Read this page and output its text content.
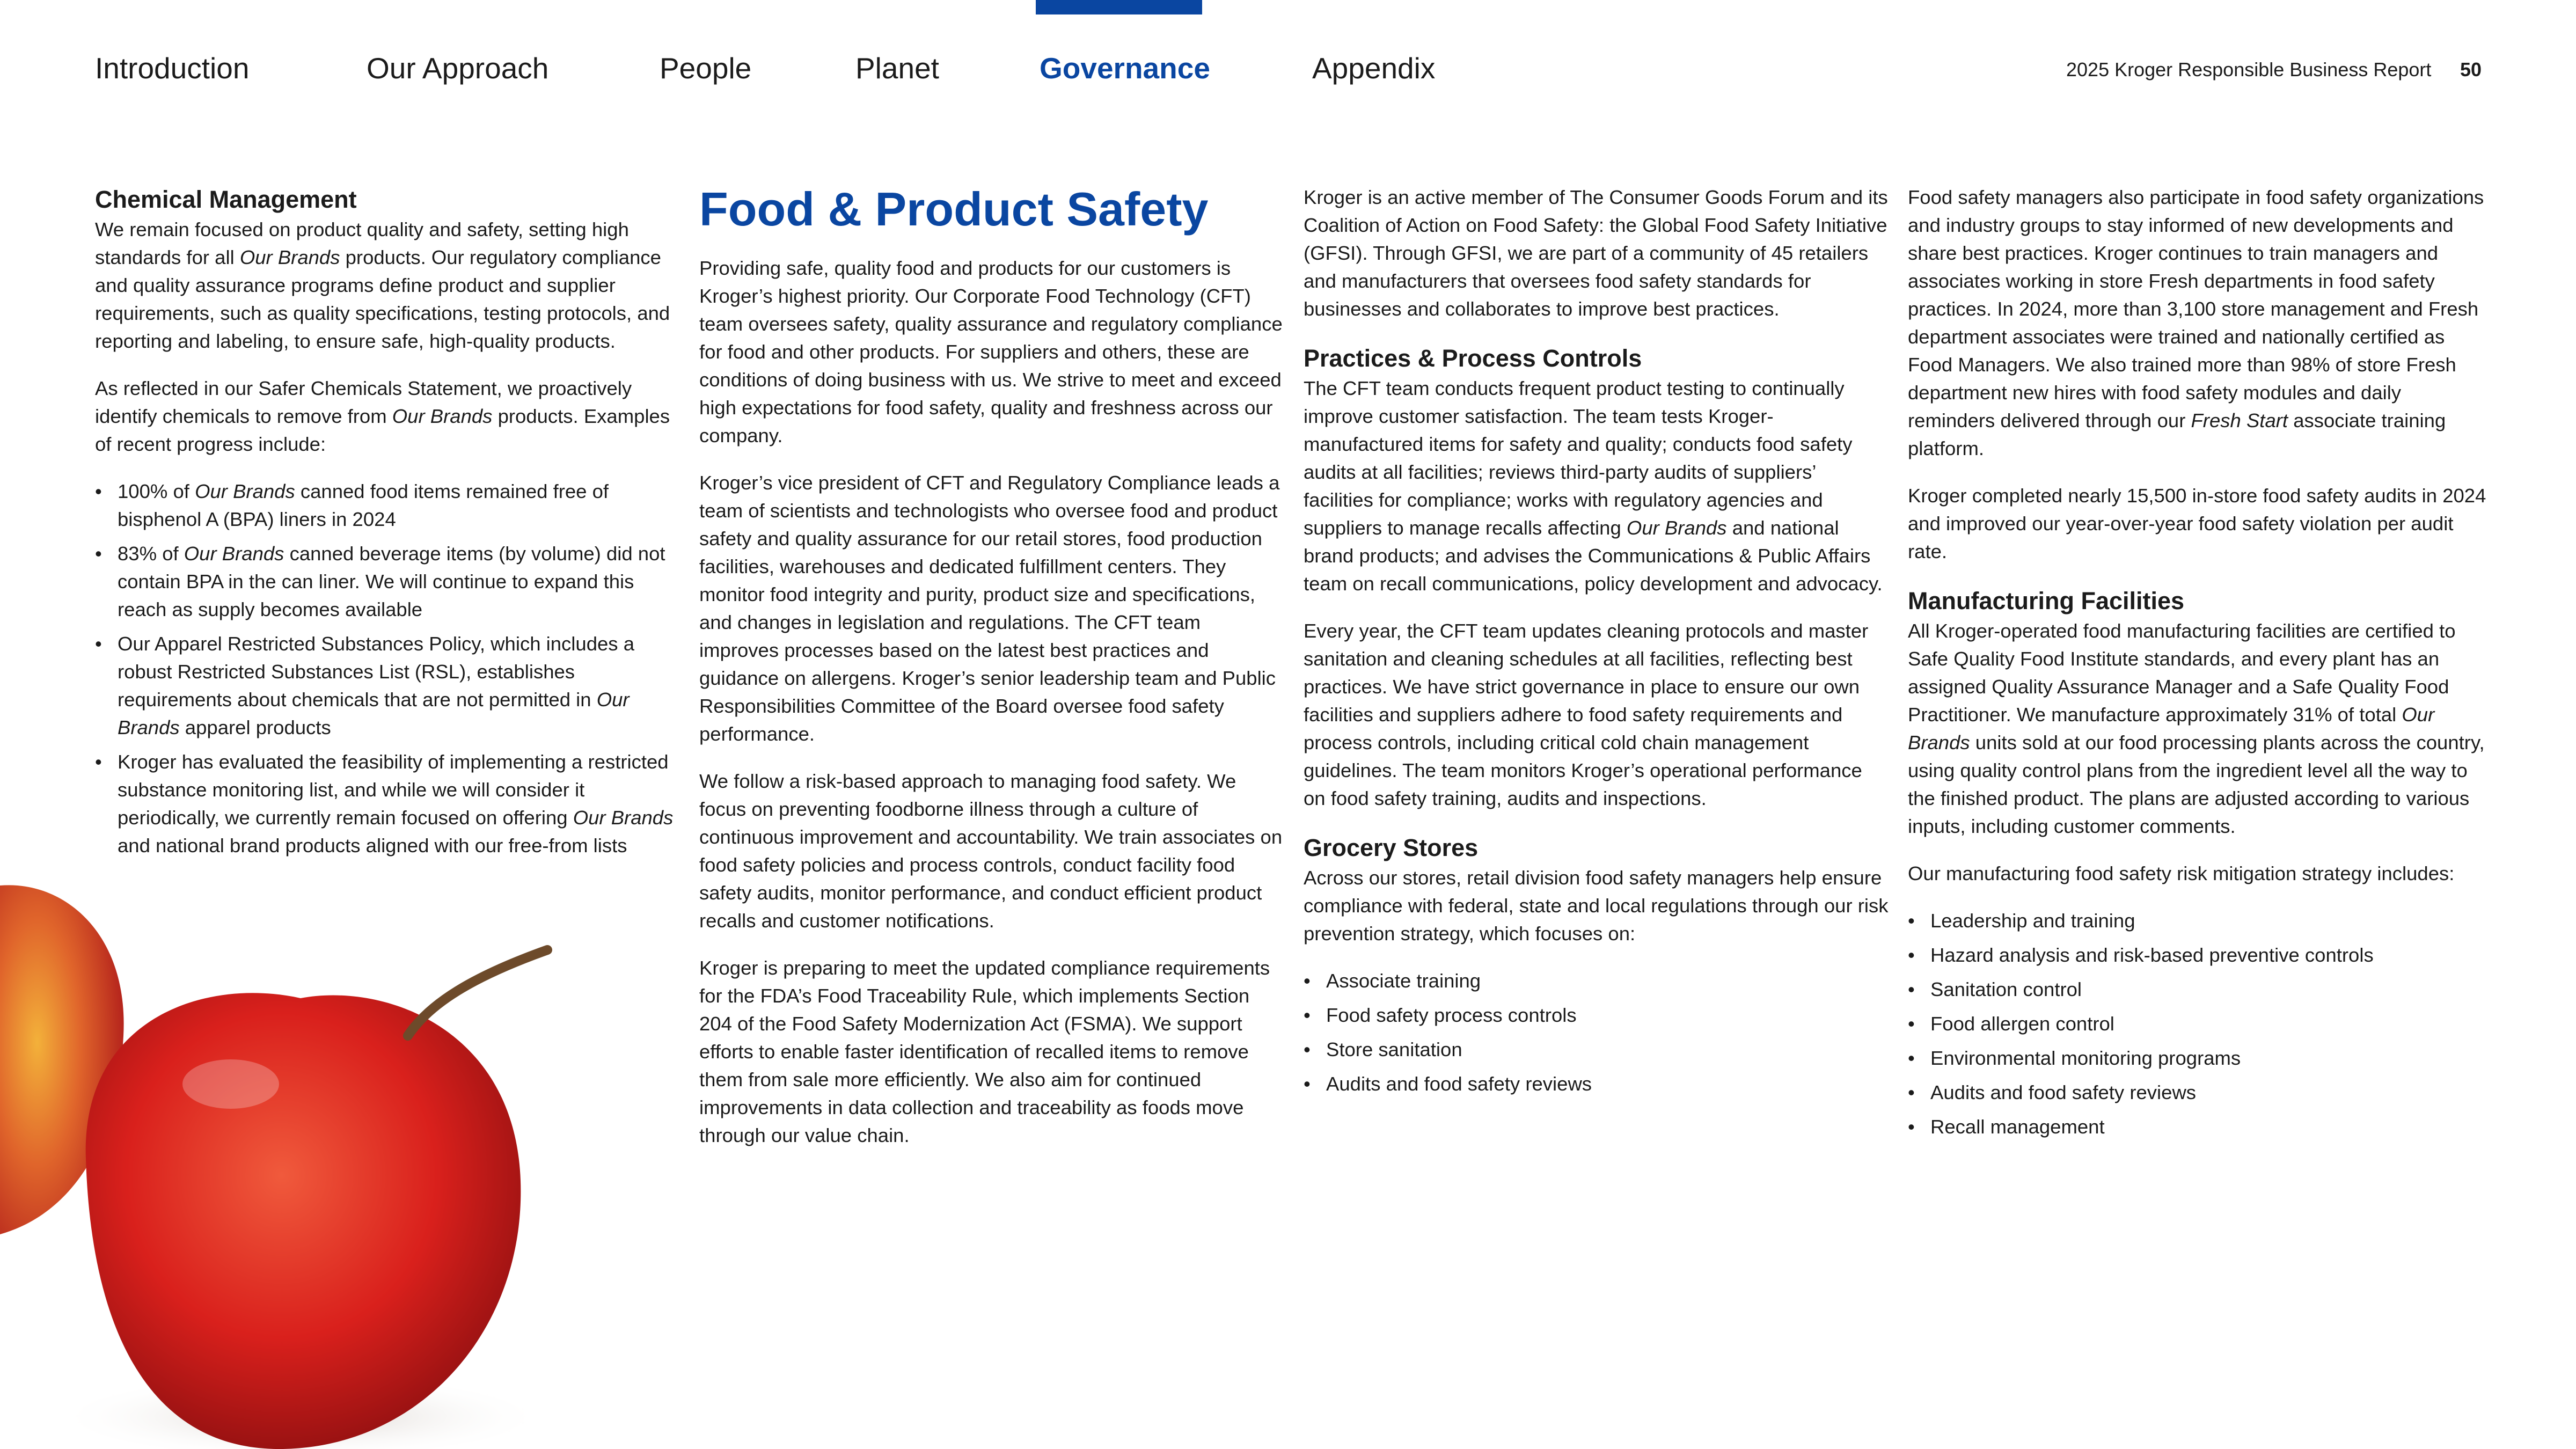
Introduction	Our Approach	People	Planet	Governance	Appendix	2025 Kroger Responsible Business Report 50
Chemical Management

We remain focused on product quality and safety, setting high standards for all Our Brands products. Our regulatory compliance and quality assurance programs define product and supplier requirements, such as quality specifications, testing protocols, and reporting and labeling, to ensure safe, high-quality products.

As reflected in our Safer Chemicals Statement, we proactively identify chemicals to remove from Our Brands products. Examples of recent progress include:

• 100% of Our Brands canned food items remained free of bisphenol A (BPA) liners in 2024
• 83% of Our Brands canned beverage items (by volume) did not contain BPA in the can liner. We will continue to expand this reach as supply becomes available
• Our Apparel Restricted Substances Policy, which includes a robust Restricted Substances List (RSL), establishes requirements about chemicals that are not permitted in Our Brands apparel products
• Kroger has evaluated the feasibility of implementing a restricted substance monitoring list, and while we will consider it periodically, we currently remain focused on offering Our Brands and national brand products aligned with our free-from lists
Food & Product Safety

Providing safe, quality food and products for our customers is Kroger’s highest priority. Our Corporate Food Technology (CFT) team oversees safety, quality assurance and regulatory compliance for food and other products. For suppliers and others, these are conditions of doing business with us. We strive to meet and exceed high expectations for food safety, quality and freshness across our company.

Kroger’s vice president of CFT and Regulatory Compliance leads a team of scientists and technologists who oversee food and product safety and quality assurance for our retail stores, food production facilities, warehouses and dedicated fulfillment centers. They monitor food integrity and purity, product size and specifications, and changes in legislation and regulations. The CFT team improves processes based on the latest best practices and guidance on allergens. Kroger’s senior leadership team and Public Responsibilities Committee of the Board oversee food safety performance.

We follow a risk-based approach to managing food safety. We focus on preventing foodborne illness through a culture of continuous improvement and accountability. We train associates on food safety policies and process controls, conduct facility food safety audits, monitor performance, and conduct efficient product recalls and customer notifications.

Kroger is preparing to meet the updated compliance requirements for the FDA’s Food Traceability Rule, which implements Section 204 of the Food Safety Modernization Act (FSMA). We support efforts to enable faster identification of recalled items to remove them from sale more efficiently. We also aim for continued improvements in data collection and traceability as foods move through our value chain.

Kroger is an active member of The Consumer Goods Forum and its Coalition of Action on Food Safety: the Global Food Safety Initiative (GFSI). Through GFSI, we are part of a community of 45 retailers and manufacturers that oversees food safety standards for businesses and collaborates to improve best practices.

Practices & Process Controls

The CFT team conducts frequent product testing to continually improve customer satisfaction. The team tests Kroger-manufactured items for safety and quality; conducts food safety audits at all facilities; reviews third-party audits of suppliers’ facilities for compliance; works with regulatory agencies and suppliers to manage recalls affecting Our Brands and national brand products; and advises the Communications & Public Affairs team on recall communications, policy development and advocacy.

Every year, the CFT team updates cleaning protocols and master sanitation and cleaning schedules at all facilities, reflecting best practices. We have strict governance in place to ensure our own facilities and suppliers adhere to food safety requirements and process controls, including critical cold chain management guidelines. The team monitors Kroger’s operational performance on food safety training, audits and inspections.

Grocery Stores

Across our stores, retail division food safety managers help ensure compliance with federal, state and local regulations through our risk prevention strategy, which focuses on:

• Associate training
• Food safety process controls
• Store sanitation
• Audits and food safety reviews

Food safety managers also participate in food safety organizations and industry groups to stay informed of new developments and share best practices. Kroger continues to train managers and associates working in store Fresh departments in food safety practices. In 2024, more than 3,100 store management and Fresh department associates were trained and nationally certified as Food Managers. We also trained more than 98% of store Fresh department new hires with food safety modules and daily reminders delivered through our Fresh Start associate training platform.

Kroger completed nearly 15,500 in-store food safety audits in 2024 and improved our year-over-year food safety violation per audit rate.

Manufacturing Facilities

All Kroger-operated food manufacturing facilities are certified to Safe Quality Food Institute standards, and every plant has an assigned Quality Assurance Manager and a Safe Quality Food Practitioner. We manufacture approximately 31% of total Our Brands units sold at our food processing plants across the country, using quality control plans from the ingredient level all the way to the finished product. The plans are adjusted according to various inputs, including customer comments.

Our manufacturing food safety risk mitigation strategy includes:

• Leadership and training
• Hazard analysis and risk-based preventive controls
• Sanitation control
• Food allergen control
• Environmental monitoring programs
• Audits and food safety reviews
• Recall management
